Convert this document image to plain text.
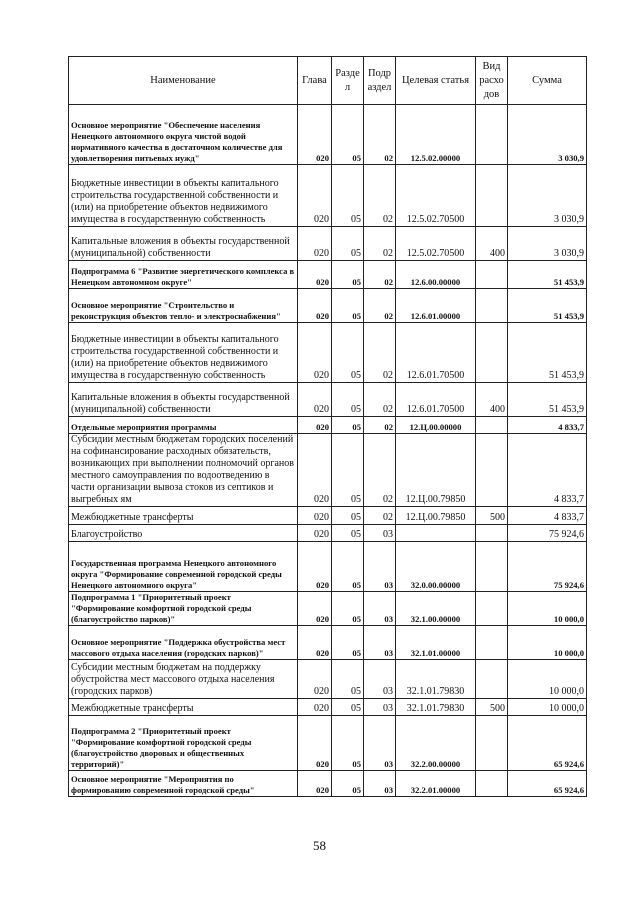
Наименование	Глава	Разде л	Подр аздел	Целевая статья	Вид расхо дов	Сумма
Основное мероприятие "Обеспечение населения Ненецкого автономного округа чистой водой нормативного качества в достаточном количестве для удовлетворения питьевых нужд"	020	05	02	12.5.02.00000		3 030,9
Бюджетные инвестиции в объекты капитального строительства государственной собственности и (или) на приобретение объектов недвижимого имущества в государственную собственность	020	05	02	12.5.02.70500		3 030,9
Капитальные вложения в объекты государственной (муниципальной) собственности	020	05	02	12.5.02.70500	400	3 030,9
Подпрограмма 6 "Развитие энергетического комплекса в Ненецком автономном округе"	020	05	02	12.6.00.00000		51 453,9
Основное мероприятие "Строительство и реконструкция объектов тепло- и электроснабжения"	020	05	02	12.6.01.00000		51 453,9
Бюджетные инвестиции в объекты капитального строительства государственной собственности и (или) на приобретение объектов недвижимого имущества в государственную собственность	020	05	02	12.6.01.70500		51 453,9
Капитальные вложения в объекты государственной (муниципальной) собственности	020	05	02	12.6.01.70500	400	51 453,9
Отдельные мероприятия программы	020	05	02	12.Ц.00.00000		4 833,7
Субсидии местным бюджетам городских поселений на софинансирование расходных обязательств, возникающих при выполнении полномочий органов местного самоуправления по водоотведению в части организации вывоза стоков из септиков и выгребных ям	020	05	02	12.Ц.00.79850		4 833,7
Межбюджетные трансферты	020	05	02	12.Ц.00.79850	500	4 833,7
Благоустройство	020	05	03			75 924,6
Государственная программа Ненецкого автономного округа "Формирование современной городской среды Ненецкого автономного округа"	020	05	03	32.0.00.00000		75 924,6
Подпрограмма 1 "Приоритетный проект "Формирование комфортной городской среды (благоустройство парков)"	020	05	03	32.1.00.00000		10 000,0
Основное мероприятие "Поддержка обустройства мест массового отдыха населения (городских парков)"	020	05	03	32.1.01.00000		10 000,0
Субсидии местным бюджетам на поддержку обустройства мест массового отдыха населения (городских парков)	020	05	03	32.1.01.79830		10 000,0
Межбюджетные трансферты	020	05	03	32.1.01.79830	500	10 000,0
Подпрограмма 2 "Приоритетный проект "Формирование комфортной городской среды (благоустройство дворовых и общественных территорий)"	020	05	03	32.2.00.00000		65 924,6
Основное мероприятие "Мероприятия по формированию современной городской среды"	020	05	03	32.2.01.00000		65 924,6
58
